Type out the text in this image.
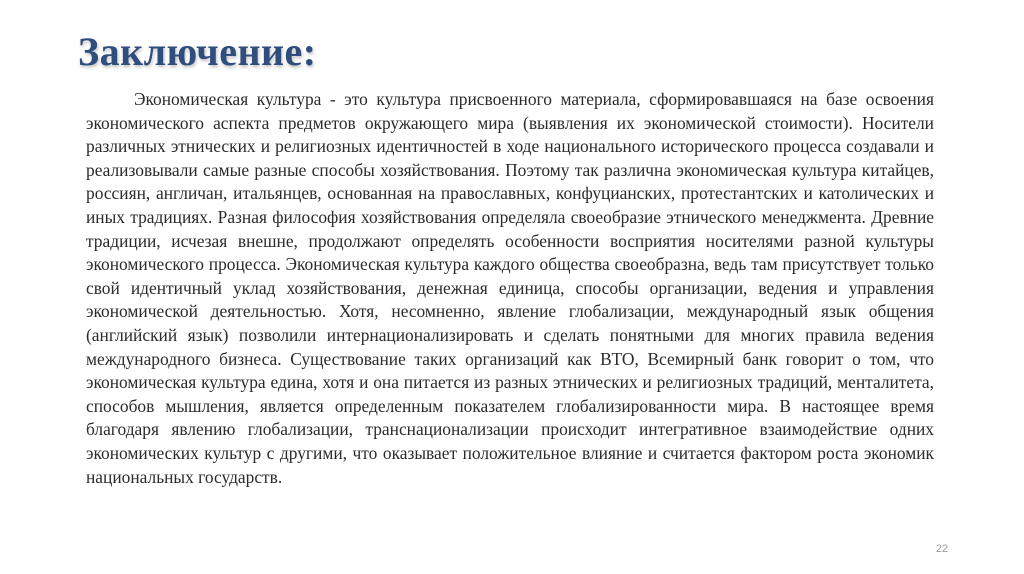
Заключение:

Экономическая культура - это культура присвоенного материала, сформировавшаяся на базе освоения экономического аспекта предметов окружающего мира (выявления их экономической стоимости). Носители различных этнических и религиозных идентичностей в ходе национального исторического процесса создавали и реализовывали самые разные способы хозяйствования. Поэтому так различна экономическая культура китайцев, россиян, англичан, итальянцев, основанная на православных, конфуцианских, протестантских и католических и иных традициях. Разная философия хозяйствования определяла своеобразие этнического менеджмента. Древние традиции, исчезая внешне, продолжают определять особенности восприятия носителями разной культуры экономического процесса. Экономическая культура каждого общества своеобразна, ведь там присутствует только свой идентичный уклад хозяйствования, денежная единица, способы организации, ведения и управления экономической деятельностью. Хотя, несомненно, явление глобализации, международный язык общения (английский язык) позволили интернационализировать и сделать понятными для многих правила ведения международного бизнеса. Существование таких организаций как ВТО, Всемирный банк говорит о том, что экономическая культура едина, хотя и она питается из разных этнических и религиозных традиций, менталитета, способов мышления, является определенным показателем глобализированности мира. В настоящее время благодаря явлению глобализации, транснационализации происходит интегративное взаимодействие одних экономических культур с другими, что оказывает положительное влияние и считается фактором роста экономик национальных государств.

22
